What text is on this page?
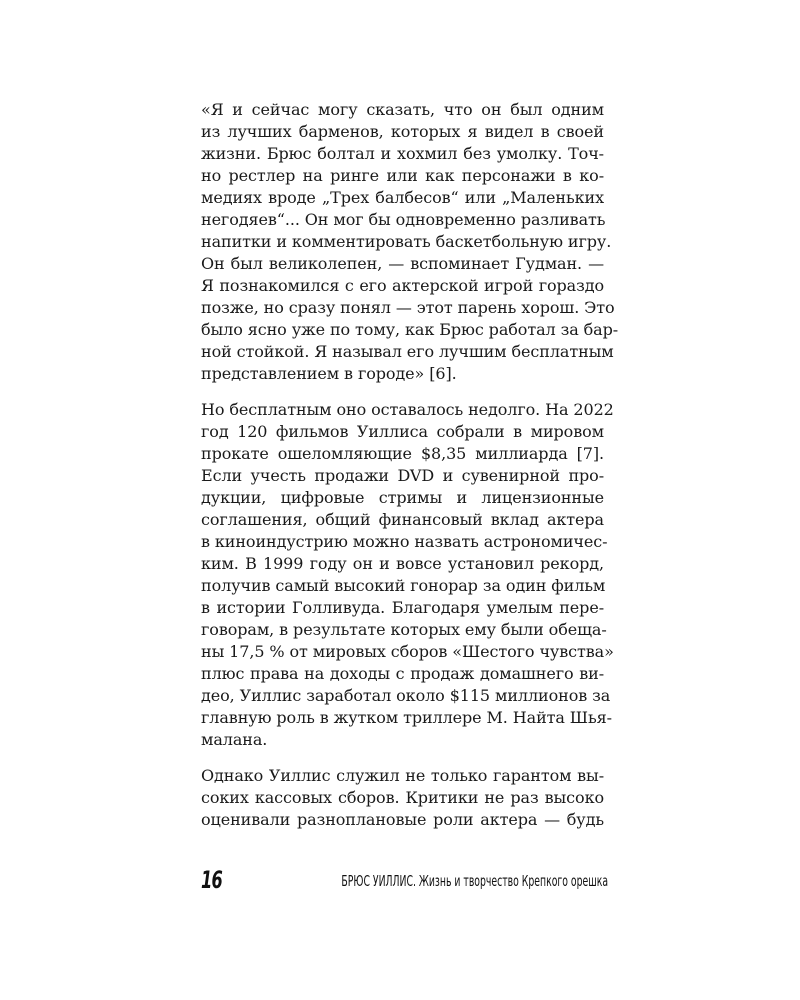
«Я и сейчас могу сказать, что он был одним
из лучших барменов, которых я видел в своей
жизни. Брюс болтал и хохмил без умолку. Точ-
но рестлер на ринге или как персонажи в ко-
медиях вроде „Трех балбесов“ или „Маленьких
негодяев“... Он мог бы одновременно разливать
напитки и комментировать баскетбольную игру.
Он был великолепен, — вспоминает Гудман. —
Я познакомился с его актерской игрой гораздо
позже, но сразу понял — этот парень хорош. Это
было ясно уже по тому, как Брюс работал за бар-
ной стойкой. Я называл его лучшим бесплатным
представлением в городе» [6].
Но бесплатным оно оставалось недолго. На 2022
год 120 фильмов Уиллиса собрали в мировом
прокате ошеломляющие $8,35 миллиарда [7].
Если учесть продажи DVD и сувенирной про-
дукции, цифровые стримы и лицензионные
соглашения, общий финансовый вклад актера
в киноиндустрию можно назвать астрономичес-
ким. В 1999 году он и вовсе установил рекорд,
получив самый высокий гонорар за один фильм
в истории Голливуда. Благодаря умелым пере-
говорам, в результате которых ему были обеща-
ны 17,5 % от мировых сборов «Шестого чувства»
плюс права на доходы с продаж домашнего ви-
део, Уиллис заработал около $115 миллионов за
главную роль в жутком триллере М. Найта Шья-
малана.
Однако Уиллис служил не только гарантом вы-
соких кассовых сборов. Критики не раз высоко
оценивали разноплановые роли актера — будь
16	БРЮС УИЛЛИС. Жизнь и творчество Крепкого орешка
